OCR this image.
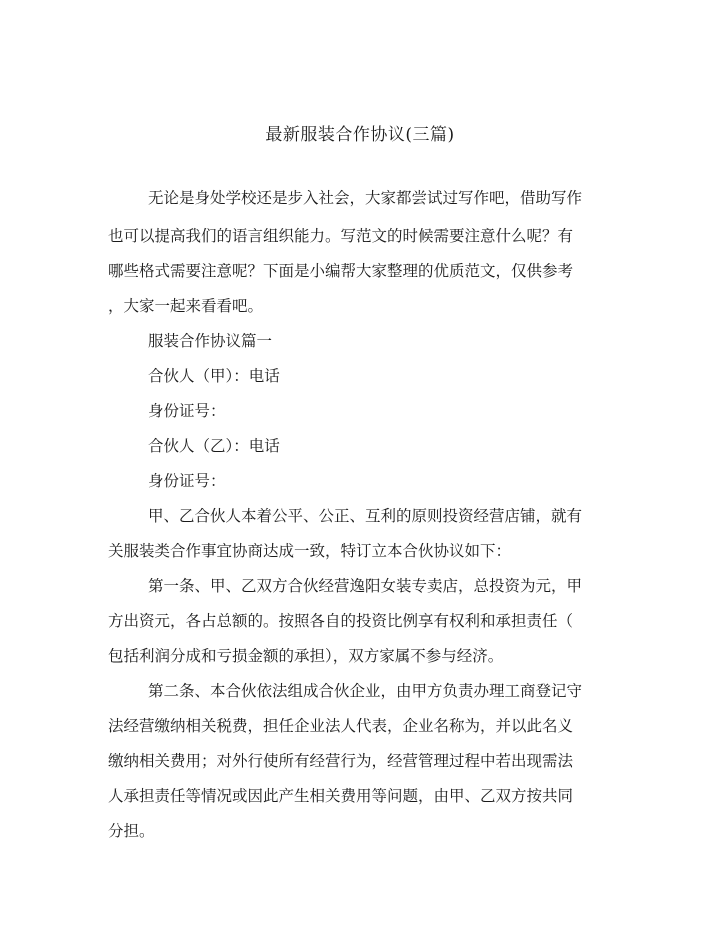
最新服装合作协议(三篇)
无论是身处学校还是步入社会，大家都尝试过写作吧，借助写作
也可以提高我们的语言组织能力。写范文的时候需要注意什么呢？有
哪些格式需要注意呢？下面是小编帮大家整理的优质范文，仅供参考
，大家一起来看看吧。
服装合作协议篇一
合伙人（甲）：电话
身份证号：
合伙人（乙）：电话
身份证号：
甲、乙合伙人本着公平、公正、互利的原则投资经营店铺，就有
关服装类合作事宜协商达成一致，特订立本合伙协议如下：
第一条、甲、乙双方合伙经营逸阳女装专卖店，总投资为元，甲
方出资元，各占总额的。按照各自的投资比例享有权利和承担责任（
包括利润分成和亏损金额的承担），双方家属不参与经济。
第二条、本合伙依法组成合伙企业，由甲方负责办理工商登记守
法经营缴纳相关税费，担任企业法人代表，企业名称为，并以此名义
缴纳相关费用；对外行使所有经营行为，经营管理过程中若出现需法
人承担责任等情况或因此产生相关费用等问题，由甲、乙双方按共同
分担。
